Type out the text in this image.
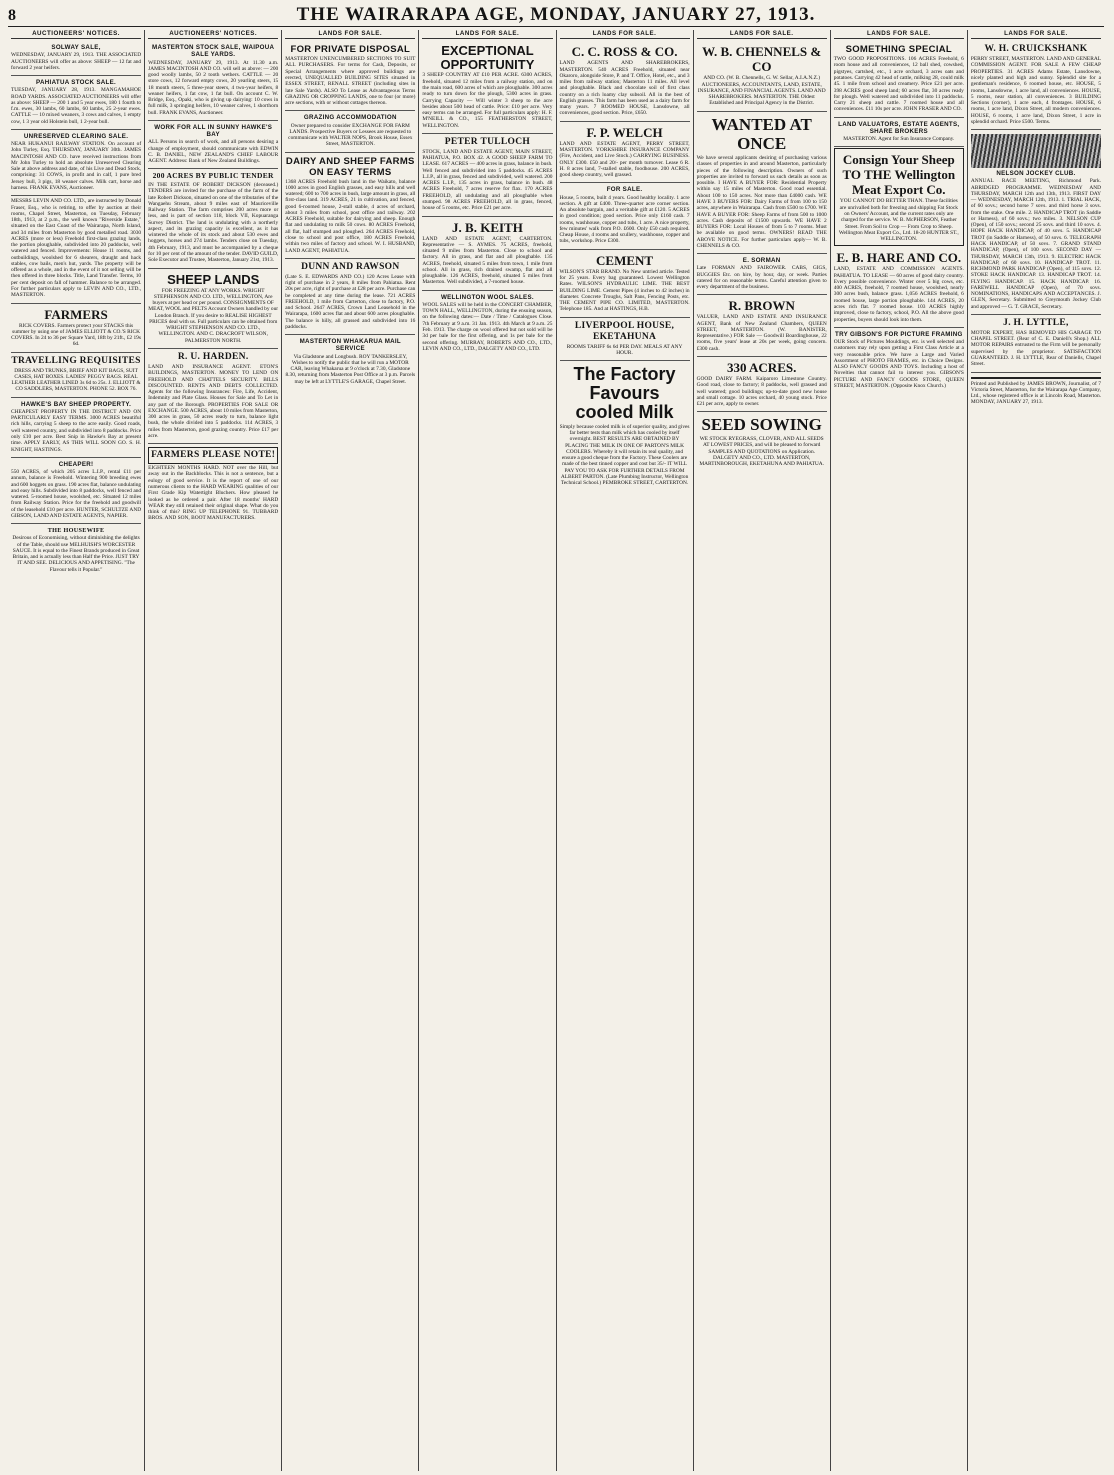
8	THE WAIRARAPA AGE, MONDAY, JANUARY 27, 1913.
AUCTIONEERS' NOTICES.
SOLWAY SALE,

WEDNESDAY, JANUARY 29, 1913. THE ASSOCIATED AUCTIONEERS will offer as above: SHEEP — 12 fat and forward 2 year heifers.

PAHIATUA STOCK SALE.

TUESDAY, JANUARY 28, 1913. MANGAMAHOE ROAD YARDS. ASSOCIATED AUCTIONEERS will offer as above: SHEEP — 200 1 and 5 year ewes, 180 1 fourth to f.m. ewes, 30 lambs, 60 lambs, 60 lambs, 25 2-year ewes. CATTLE — 10 mixed weaners, 3 cows and calves, 1 empty cow, 1 3 year old Holstein bull, 1 2-year bull.

UNRESERVED CLEARING SALE.

NEAR HUKANUI RAILWAY STATION. On account of John Turley, Esq. THURSDAY, JANUARY 30th. JAMES MACINTOSH AND CO. have received instructions from Mr John Turley to hold an absolute Unreserved Clearing Sale at above address and date, of his Live and Dead Stock, comprising: 31 COWS, in profit and in calf, 1 pure bred Jersey bull, 3 pigs, 18 weaner calves. Milk cart, horse and harness. FRANK EVANS, Auctioneer.

MESSRS LEVIN AND CO. LTD., are instructed by Donald Fraser, Esq., who is retiring, to offer by auction at their rooms, Chapel Street, Masterton, on Tuesday, February 18th, 1913, at 2 p.m., the well known "Riverside Estate," situated on the East Coast of the Wairarapa, North Island, and 34 miles from Masterton by good metalled road. 3030 ACRES (more or less) Freehold first-class grazing lands, the portion ploughable, subdivided into 20 paddocks, well watered and fenced. Improvements: House 11 rooms, and outbuildings, woolshed for 6 shearers, draught and hack stables, cow bails, men's hut, yards. The property will be offered as a whole, and in the event of it not selling will be then offered in three blocks. Title, Land Transfer. Terms, 10 per cent deposit on fall of hammer. Balance to be arranged. For further particulars apply to LEVIN AND CO., LTD., MASTERTON.

FARMERS

RICK COVERS. Farmers protect your STACKS this summer by using one of JAMES ELLIOTT & CO.'S RICK COVERS. In 24 to 36 per Square Yard, 18ft by 21ft., £2 19s 6d.

TRAVELLING REQUISITES

DRESS AND TRUNKS, BRIEF AND KIT BAGS, SUIT CASES, HAT BOXES. LADIES' PEGGY BAGS. REAL LEATHER LEATHER LINED 3s 6d to 25s. J. ELLIOTT & CO SADDLERS, MASTERTON. PHONE 52. BOX 76.

HAWKE'S BAY SHEEP PROPERTY.

CHEAPEST PROPERTY IN THE DISTRICT AND ON PARTICULARLY EASY TERMS. 3000 ACRES beautiful rich hills, carrying 5 sheep to the acre easily. Good roads, well watered country, and subdivided into 8 paddocks. Price only £10 per acre. Best Snip in Hawke's Bay at present time. APPLY EARLY, AS THIS WILL SOON GO. S. H. KNIGHT, HASTINGS.

CHEAPER!

550 ACRES, of which 205 acres L.I.P., rental £11 per annum, balance is Freehold. Wintering 900 breeding ewes and 600 hoggets on grass. 190 acres flat, balance undulating and easy hills. Subdivided into 8 paddocks, well fenced and watered. 5-roomed house, woolshed, etc. Situated 12 miles from Railway Station. Price for the freehold and goodwill of the leasehold £10 per acre. HUNTER, SCHULTZE AND GIBSON, LAND AND ESTATE AGENTS, NAPIER.

THE HOUSEWIFE

Desirous of Economising, without diminishing the delights of the Table, should use MELHUISH'S WORCESTER SAUCE. It is equal to the Finest Brands produced in Great Britain, and is actually less than Half the Price. JUST TRY IT AND SEE. DELICIOUS AND APPETISING. "The Flavour tells it Popular."

AUCTIONEERS' NOTICES.
MASTERTON STOCK SALE, WAIPOUA SALE YARDS.

WEDNESDAY, JANUARY 29, 1913. At 11.30 a.m. JAMES MACINTOSH AND CO. will sell as above: — 200 good woolly lambs, 50 2 tooth wethers. CATTLE — 20 store cows, 12 forward empty cows, 20 yearling steers, 15 18 month steers, 5 three-year steers, 4 two-year heifers, 8 weaner heifers, 1 fat cow, 1 fat bull. On account C. W. Bridge, Esq., Opaki, who is giving up dairying: 10 cows in full milk, 3 springing heifers, 10 weaner calves, 1 shorthorn bull. FRANK EVANS, Auctioneer.

WORK FOR ALL IN SUNNY HAWKE'S BAY

ALL Persons in search of work, and all persons desiring a change of employment, should communicate with EDWIN C. B. DANIEL, NEW ZEALAND'S CHIEF LABOUR AGENT. Address: Bank of New Zealand Buildings.

200 ACRES BY PUBLIC TENDER

IN THE ESTATE OF ROBERT DICKSON (deceased.) TENDERS are invited for the purchase of the farm of the late Robert Dickson, situated on one of the tributaries of the Wangaehu Stream, about 9 miles east of Mauriceville Railway Station. The farm comprises 200 acres more or less, and is part of section 118, block VII, Kopuaranga Survey District. The land is undulating with a northerly aspect, and its grazing capacity is excellent, as it has wintered the whole of its stock and about 530 ewes and hoggets, horses and 274 lambs. Tenders close on Tuesday, 4th February, 1913, and must be accompanied by a cheque for 10 per cent of the amount of the tender. DAVID GUILD, Sole Executor and Trustee, Masterton, January 21st, 1913.

SHEEP LANDS

FOR FREEZING AT ANY WORKS. WRIGHT STEPHENSON AND CO. LTD., WELLINGTON, Are buyers at per head or per pound. CONSIGNMENTS OF MEAT, WOOL and PELTS Account Owners handled by our London Branch. If you desire to REALISE HIGHEST PRICES deal with us. Full particulars can be obtained from WRIGHT STEPHENSON AND CO. LTD., WELLINGTON. AND C. DRACROFT WILSON, PALMERSTON NORTH.

R. U. HARDEN.

LAND AND INSURANCE AGENT. ETON'S BUILDINGS, MASTERTON. MONEY TO LEND ON FREEHOLD AND CHATTELS SECURITY. BILLS DISCOUNTED. RENTS AND DEBTS COLLECTED. Agents for the following Insurances: Fire, Life, Accident, Indemnity and Plate Glass. Houses for Sale and To Let in any part of the Borough. PROPERTIES FOR SALE OR EXCHANGE. 500 ACRES, about 10 miles from Masterton, 300 acres in grass, 50 acres ready to turn, balance light bush, the whole divided into 5 paddocks. 114 ACRES, 3 miles from Masterton, good grazing country. Price £17 per acre.

FARMERS PLEASE NOTE!

EIGHTEEN MONTHS HARD. NOT over the Hill, but away out in the Backblocks. This is not a sentence, but a eulogy of good service. It is the report of one of our numerous clients to the HARD WEARING qualities of our First Grade Kip Watertight Bluchers. How pleased he looked as he ordered a pair. After 18 months' HARD WEAR they still retained their original shape. What do you think of this? RING UP TELEPHONE 91. TUBBARD BROS. AND SON, BOOT MANUFACTURERS.

LANDS FOR SALE.
FOR PRIVATE DISPOSAL

MASTERTON UNENCUMBERED SECTIONS TO SUIT ALL PURCHASERS. For terms for Cash, Deposits, or Special Arrangements where approved buildings are erected, UNEQUALLED BUILDING SITES situated in ESSEX STREET, RENALL STREET (including sites in late Sale Yards). ALSO To Lease as Advantageous Terms GRAZING OR CROPPING LANDS, one to four (or more) acre sections, with or without cottages thereon.

GRAZING ACCOMMODATION

Owner prepared to consider EXCHANGE FOR FARM LANDS. Prospective Buyers or Lessees are requested to communicate with WALTER NOPS, Brook House, Essex Street, MASTERTON.

DAIRY AND SHEEP FARMS ON EASY TERMS

1368 ACRES Freehold bush land in the Waikato, balance 1000 acres in good English grasses, and easy hills and well watered; 600 to 700 acres in bush, large amount in grass, all first-class land. 319 ACRES, 21 in cultivation, and fenced, good 6-roomed house, 2-stall stable, 4 acres of orchard, about 3 miles from school, post office and railway. 202 ACRES Freehold, suitable for dairying and sheep. Enough flat and undulating to milk 50 cows. 80 ACRES Freehold, all flat, half stumped and ploughed. 264 ACRES Freehold, close to school and post office, 180 ACRES Freehold, within two miles of factory and school. W. I. HUSBAND, LAND AGENT, PAHIATUA.

DUNN AND RAWSON

(Late S. E. EDWARDS AND CO.) 120 Acres Lease with right of purchase in 2 years, 8 miles from Pahiatua. Rent 20s per acre, right of purchase at £28 per acre. Purchase can be completed at any time during the lease. 721 ACRES FREEHOLD, 1 mile from Carterton, close to factory, P.O. and School. 2647 ACRES, Crown Land Leasehold in the Wairarapa, 1600 acres flat and about 600 acres ploughable. The balance is hilly, all grassed and subdivided into 16 paddocks.

MASTERTON WHAKARUA MAIL SERVICE

Via Gladstone and Longbush. ROY TANKERSLEY, Wishes to notify the public that he will run a MOTOR CAR, leaving Whakarua at 9 o'clock at 7.30, Gladstone 8.30, returning from Masterton Post Office at 3 p.m. Parcels may be left at LYTTLE'S GARAGE, Chapel Street.

LANDS FOR SALE.
EXCEPTIONAL OPPORTUNITY

3 SHEEP COUNTRY AT £10 PER ACRE. 6300 ACRES, freehold, situated 12 miles from a railway station, and on the main road, 600 acres of which are ploughable. 300 acres ready to turn down for the plough, 5300 acres in grass. Carrying Capacity — Will winter 3 sheep to the acre besides about 500 head of cattle. Price: £10 per acre. Very easy terms can be arranged. For full particulars apply: H. F. M'NEILL & CO., 155 FEATHERSTON STREET, WELLINGTON.

PETER TULLOCH

STOCK, LAND AND ESTATE AGENT, MAIN STREET, PAHIATUA, P.O. BOX 42. A GOOD SHEEP FARM TO LEASE. 617 ACRES — 400 acres in grass, balance in bush. Well fenced and subdivided into 5 paddocks. 45 ACRES L.I.P., all in grass, fenced and subdivided, well watered. 200 ACRES L.I.P., 135 acres in grass, balance in bush. 48 ACRES Freehold, 7 acres reserve for flax. 170 ACRES FREEHOLD, all undulating and all ploughable when stumped. 98 ACRES FREEHOLD, all in grass, fenced, house of 5 rooms, etc. Price £21 per acre.

J. B. KEITH

LAND AND ESTATE AGENT, CARTERTON. Representative — S. AYMES. 75 ACRES, freehold, situated 9 miles from Masterton. Close to school and factory. All in grass, and flat and all ploughable. 135 ACRES, freehold, situated 5 miles from town, 1 mile from school. All in grass, rich drained swamp, flat and all ploughable. 126 ACRES, freehold, situated 5 miles from Masterton. Well subdivided, a 7-roomed house.

WELLINGTON WOOL SALES.

WOOL SALES will be held in the CONCERT CHAMBER, TOWN HALL, WELLINGTON, during the ensuing season, on the following dates:— Date / Time / Catalogues Close. 7th February at 9 a.m. 31 Jan. 1913. 4th March at 9 a.m. 25 Feb. 1913. The charge on wool offered but not sold will be 3d per bale for the first offering, and 1s per bale for the second offering. MURRAY, ROBERTS AND CO., LTD., LEVIN AND CO., LTD., DALGETY AND CO., LTD.

LANDS FOR SALE.
C. C. ROSS & CO.

LAND AGENTS AND SHAREBROKERS, MASTERTON. 540 ACRES Freehold, situated near Okaroro, alongside Store, P. and T. Office, Hotel, etc., and 3 miles from railway station; Masterton 11 miles. All level and ploughable. Black and chocolate soil of first class country on a rich loamy clay subsoil. All in the best of English grasses. This farm has been used as a dairy farm for many years. 7 ROOMED HOUSE, Lansdowne, all conveniences, good section. Price, £650.

F. P. WELCH

LAND AND ESTATE AGENT, PERRY STREET, MASTERTON. YORKSHIRE INSURANCE COMPANY (Fire, Accident, and Live Stock.) CARRYING BUSINESS. ONLY £300. £50 and 20/- per month turnover. Lease 6 R. H. 8 acres land, 7-stalled stable, foodhouse. 200 ACRES, good sheep country, well grassed.

FOR SALE.

House, 5 rooms, built 4 years. Good healthy locality. 1 acre section. A gift at £400. Three-quarter acre corner section. An absolute bargain, and a veritable gift at £120. 5 ACRES in good condition; good section. Price only £160 cash. 7 rooms, washhouse, copper and tubs, 1 acre. A nice property, few minutes' walk from P.O. £600. Only £50 cash required. Cheap House, 4 rooms and scullery, washhouse, copper and tubs, workshop. Price £300.

CEMENT

WILSON'S STAR BRAND. No New untried article. Tested for 25 years. Every bag guaranteed. Lowest Wellington Rates. WILSON'S HYDRAULIC LIME. THE BEST BUILDING LIME. Cement Pipes (4 inches to 42 inches) in diameter. Concrete Troughs, Salt Pans, Fencing Posts, etc. THE CEMENT PIPE CO. LIMITED, MASTERTON. Telephone 185. And at HASTINGS, H.B.

LIVERPOOL HOUSE, EKETAHUNA

ROOMS TARIFF 6s 6d PER DAY. MEALS AT ANY HOUR.

The Factory Favours cooled Milk

Simply because cooled milk is of superior quality, and gives far better tests than milk which has cooled by itself overnight. BEST RESULTS ARE OBTAINED BY PLACING THE MILK IN ONE OF PARTON'S MILK COOLERS. Whereby it will retain its real quality, and ensure a good cheque from the Factory. These Coolers are made of the best tinned copper and cost but 35/- IT WILL PAY YOU TO ASK FOR FURTHER DETAILS FROM ALBERT PARTON. (Late Plumbing Instructor, Wellington Technical School.) PEMBROKE STREET, CARTERTON.

LANDS FOR SALE.
W. B. CHENNELS & CO

AND CO. (W. B. Chennells, G. W. Sellar, A.I.A.N.Z.) AUCTIONEERS, ACCOUNTANTS, LAND, ESTATE, INSURANCE, AND FINANCIAL AGENTS. LAND AND SHAREBROKERS. MASTERTON. THE Oldest Established and Principal Agency in the District.

WANTED AT ONCE

We have several applicants desiring of purchasing various classes of properties in and around Masterton, particularly pieces of the following description. Owners of such properties are invited to forward us such details as soon as possible. I HAVE A BUYER FOR: Residential Property within say 15 miles of Masterton. Good road essential. About 100 to 150 acres. Not more than £4000 cash. WE HAVE 3 BUYERS FOR: Dairy Farms of from 100 to 150 acres, anywhere in Wairarapa. Cash from £500 to £700. WE HAVE A BUYER FOR: Sheep Farms of from 500 to 1000 acres. Cash deposits of £1500 upwards. WE HAVE 2 BUYERS FOR: Local Houses of from 5 to 7 rooms. Must be available on good terms. OWNERS! READ THE ABOVE NOTICE. For further particulars apply— W. B. CHENNELS & CO.

E. SORMAN

Late FORMAN AND FAIROWER. CABS, GIGS, BUGGIES Etc. on hire, by hour, day, or week. Parties catered for on reasonable terms. Careful attention given to every department of the business.

R. BROWN

VALUER, LAND AND ESTATE AND INSURANCE AGENT, Bank of New Zealand Chambers, QUEEN STREET, MASTERTON. (W. BANISTER, Representative.) FOR Sale — Goodwill Boardinghouse, 22 rooms, five years' lease at 20s per week, going concern. £300 cash.

330 ACRES.

GOOD DAIRY FARM. Kaiparoro Limestone Country. Good road, close to factory; 8 paddocks, well grassed and well watered; good buildings; up-to-date good new house and small cottage. 10 acres orchard, 40 young stock. Price £21 per acre, apply to owner.

SEED SOWING

WE STOCK RYEGRASS, CLOVER, AND ALL SEEDS AT LOWEST PRICES, and will be pleased to forward SAMPLES AND QUOTATIONS on Application. DALGETY AND CO., LTD. MASTERTON, MARTINBOROUGH, EKETAHUNA AND PAHIATUA.

LANDS FOR SALE.
SOMETHING SPECIAL

TWO GOOD PROPOSITIONS. 106 ACRES Freehold, 6 room house and all conveniences, 12 ball shed, cowshed, pigstyes, cartshed, etc., 1 acre orchard, 3 acres oats and potatoes. Carrying 42 head of cattle, milking 28, could milk 45. 1 mile from school and creamery. Price £21 per acre. 398 ACRES good sheep land; 60 acres flat, 30 acres ready for plough. Well watered and subdivided into 11 paddocks. Carry 21 sheep and cattle. 7 roomed house and all conveniences. £11 10s per acre. JOHN FRASER AND CO.

LAND VALUATORS, ESTATE AGENTS, SHARE BROKERS

MASTERTON. Agent for Sun Insurance Company.

Consign Your Sheep TO THE Wellington Meat Export Co.

YOU CANNOT DO BETTER THAN. These facilities are unrivalled both for freezing and shipping Fat Stock on Owners' Account, and the current rates only are charged for the service. W. B. McPHERSON, Feather Street. From Soil to Crop — From Crop to Sheep. Wellington Meat Export Co., Ltd. 18-20 HUNTER ST., WELLINGTON.

E. B. HARE AND CO.

LAND, ESTATE AND COMMISSION AGENTS. PAHIATUA. TO LEASE — 60 acres of good dairy country. Every possible convenience. Winter over 5 big cows, etc. 400 ACRES, freehold, 7 roomed house, woolshed, nearly 300 acres bush, balance grass. 1,056 ACRES freehold, 6 roomed house, large portion ploughable. 144 ACRES, 20 acres rich flat. 7 roomed house. 103 ACRES highly improved, close to factory, school, P.O. All the above good properties, buyers should look into them.

TRY GIBSON'S FOR PICTURE FRAMING

OUR Stock of Pictures Mouldings, etc. is well selected and customers may rely upon getting a First Class Article at a very reasonable price. We have a Large and Varied Assortment of PHOTO FRAMES, etc. in Choice Designs. ALSO FANCY GOODS AND TOYS. Including a host of Novelties that cannot fail to interest you. GIBSON'S PICTURE AND FANCY GOODS STORE, QUEEN STREET, MASTERTON. (Opposite Knox Church.)

LANDS FOR SALE.
W. H. CRUICKSHANK

PERRY STREET, MASTERTON. LAND AND GENERAL COMMISSION AGENT. FOR SALE A FEW CHEAP PROPERTIES. 31 ACRES Adams Estate, Lansdowne, nicely planted and high and sunny. Splendid site for a gentleman's residence, 6 roomed house, etc. HOUSE, 5 rooms, Lansdowne, 1 acre land, all conveniences. HOUSE, 5 rooms, near station, all conveniences. 3 BUILDING Sections (corner), 1 acre each, 4 frontages. HOUSE, 6 rooms, 1 acre land, Dixon Street, all modern conveniences. HOUSE, 6 rooms, 1 acre land, Dixon Street, 1 acre in splendid orchard. Price £500. Terms.

NELSON JOCKEY CLUB.

ANNUAL RACE MEETING, Richmond Park. ABRIDGED PROGRAMME. WEDNESDAY AND THURSDAY, MARCH 12th and 13th, 1913. FIRST DAY — WEDNESDAY, MARCH 12th, 1913. 1. TRIAL HACK, of 60 sovs.; second horse 7 sovs. and third horse 3 sovs. from the stake. One mile. 2. HANDICAP TROT (in Saddle or Harness), of 60 sovs.; two miles. 3. NELSON CUP (Open), of 150 sovs.; second 25 sovs. and third 10 sovs. 4. HOPE HACK HANDICAP, of 40 sovs. 5. HANDICAP TROT (in Saddle or Harness), of 50 sovs. 6. TELEGRAPH HACK HANDICAP, of 50 sovs. 7. GRAND STAND HANDICAP, (Open), of 100 sovs. SECOND DAY — THURSDAY, MARCH 13th, 1913. 9. ELECTRIC HACK HANDICAP, of 60 sovs. 10. HANDICAP TROT. 11. RICHMOND PARK HANDICAP (Open), of 115 sovs. 12. STOKE HACK HANDICAP. 13. HANDICAP TROT. 14. FLYING HANDICAP. 15. HACK HANDICAP. 16. FAREWELL HANDICAP (Open), of 70 sovs. NOMINATIONS, HANDICAPS AND ACCEPTANCES. J. GLEN, Secretary. Submitted to Greymouth Jockey Club and approved — G. T. GRACE, Secretary.

J. H. LYTTLE,

MOTOR EXPERT, HAS REMOVED HIS GARAGE TO CHAPEL STREET. (Rear of C. E. Daniell's Shop.) ALL MOTOR REPAIRS entrusted to the Firm will be personally supervised by the proprietor. SATISFACTION GUARANTEED. J. H. LYTTLE, Rear of Daniells, Chapel Street.

Printed and Published by JAMES BROWN, Journalist, of 7 Victoria Street, Masterton, for the Wairarapa Age Company, Ltd., whose registered office is at Lincoln Road, Masterton. MONDAY, JANUARY 27, 1913.
